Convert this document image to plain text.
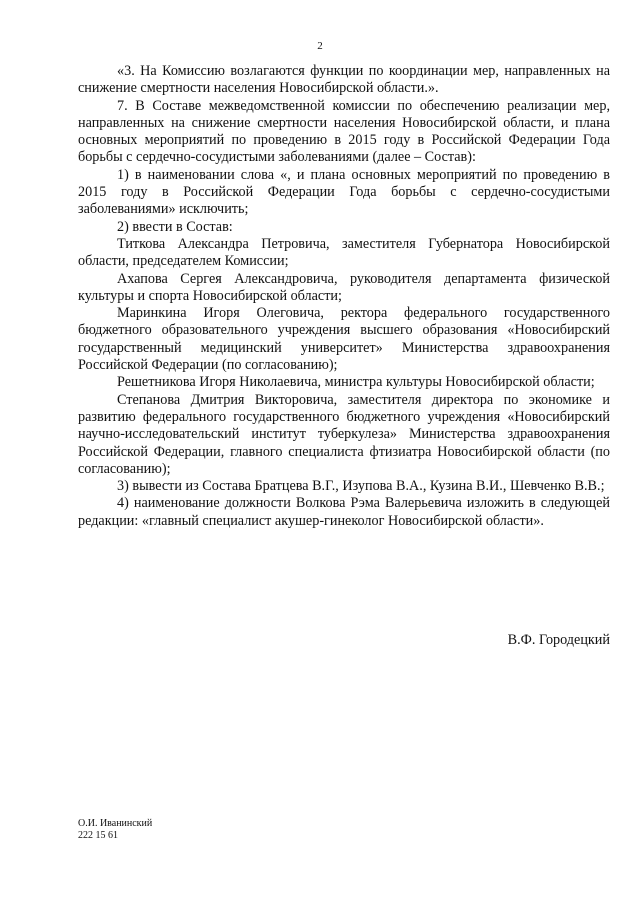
2

«3. На Комиссию возлагаются функции по координации мер, направленных на снижение смертности населения Новосибирской области.».

7. В Составе межведомственной комиссии по обеспечению реализации мер, направленных на снижение смертности населения Новосибирской области, и плана основных мероприятий по проведению в 2015 году в Российской Федерации Года борьбы с сердечно-сосудистыми заболеваниями (далее – Состав):

1) в наименовании слова «, и плана основных мероприятий по проведению в 2015 году в Российской Федерации Года борьбы с сердечно-сосудистыми заболеваниями» исключить;

2) ввести в Состав:

Титкова Александра Петровича, заместителя Губернатора Новосибирской области, председателем Комиссии;

Ахапова Сергея Александровича, руководителя департамента физической культуры и спорта Новосибирской области;

Маринкина Игоря Олеговича, ректора федерального государственного бюджетного образовательного учреждения высшего образования «Новосибирский государственный медицинский университет» Министерства здравоохранения Российской Федерации (по согласованию);

Решетникова Игоря Николаевича, министра культуры Новосибирской области;

Степанова Дмитрия Викторовича, заместителя директора по экономике и развитию федерального государственного бюджетного учреждения «Новосибирский научно-исследовательский институт туберкулеза» Министерства здравоохранения Российской Федерации, главного специалиста фтизиатра Новосибирской области (по согласованию);

3) вывести из Состава Братцева В.Г., Изупова В.А., Кузина В.И., Шевченко В.В.;

4) наименование должности Волкова Рэма Валерьевича изложить в следующей редакции: «главный специалист акушер-гинеколог Новосибирской области».

В.Ф. Городецкий
О.И. Иванинский
222 15 61
